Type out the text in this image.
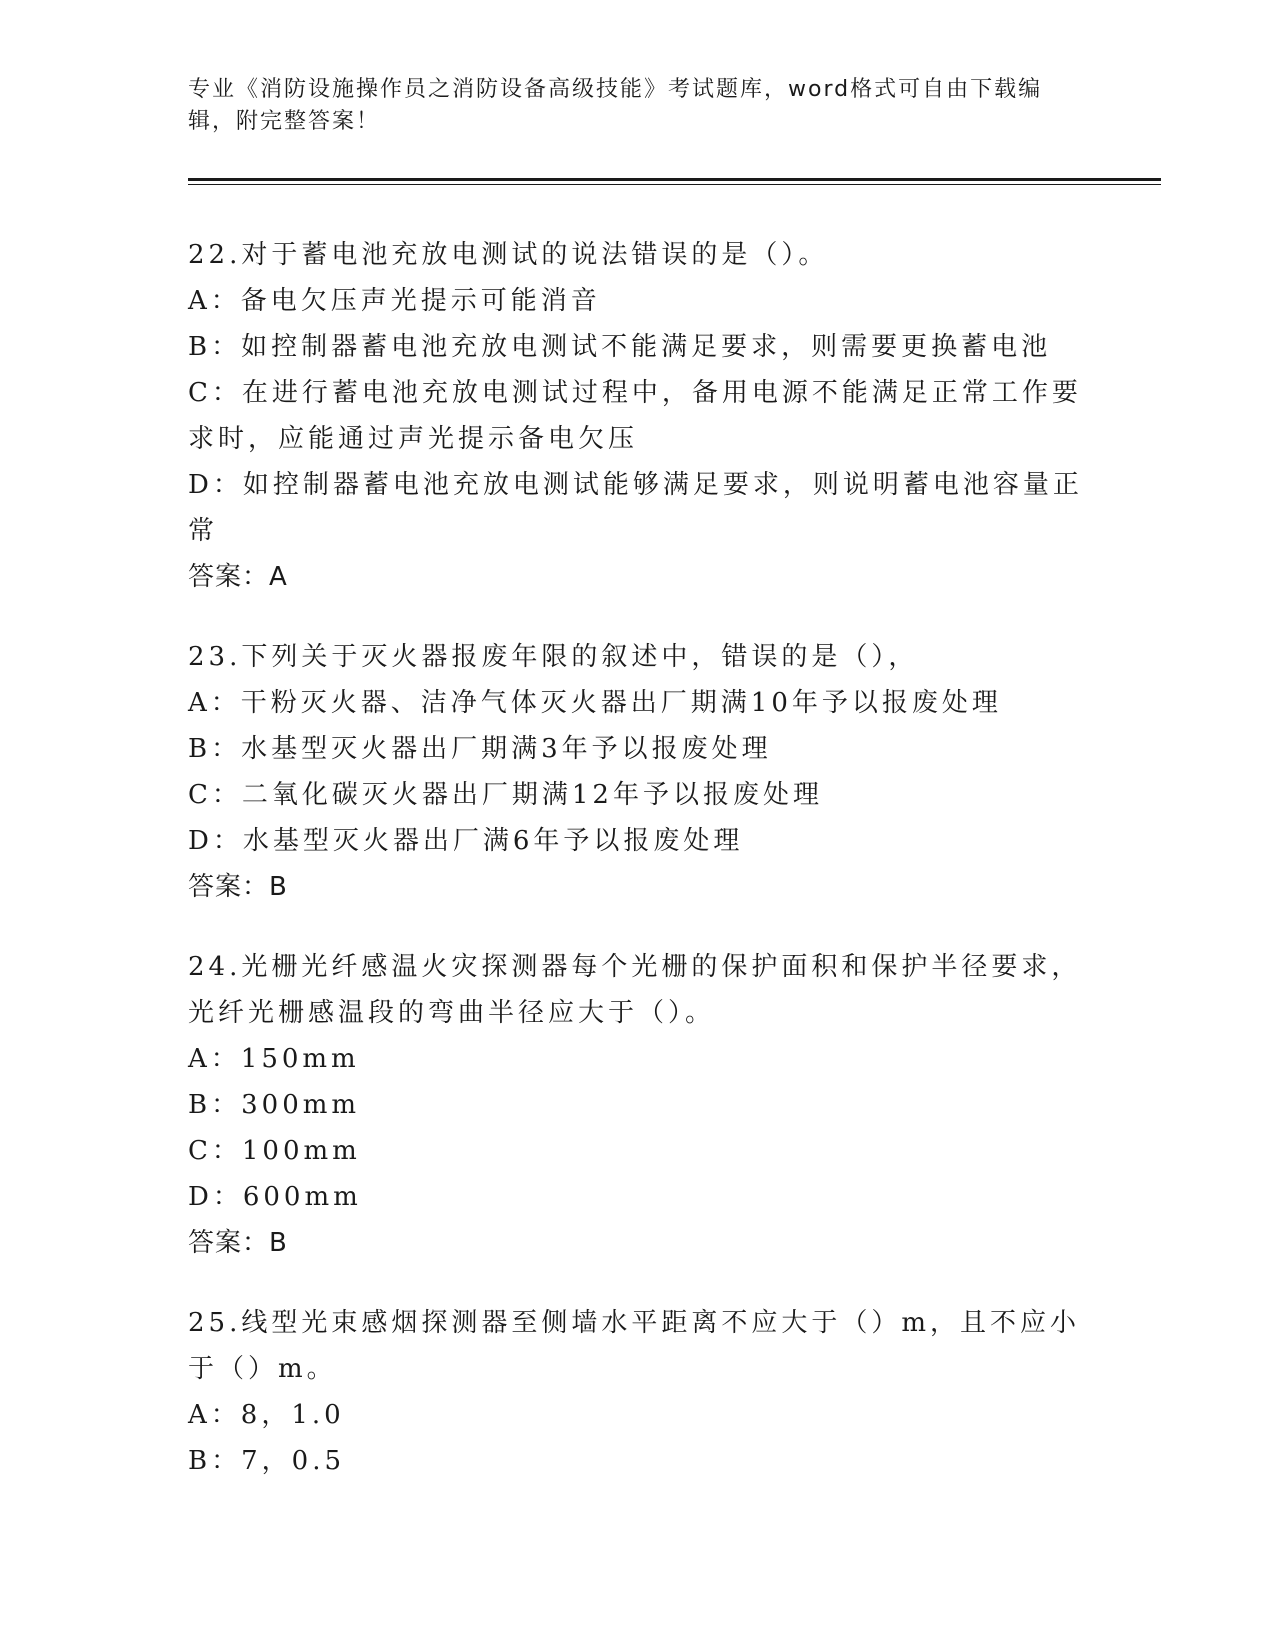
专业《消防设施操作员之消防设备高级技能》考试题库，word格式可自由下载编辑，附完整答案！
22.对于蓄电池充放电测试的说法错误的是（）。
A：备电欠压声光提示可能消音
B：如控制器蓄电池充放电测试不能满足要求，则需要更换蓄电池
C：在进行蓄电池充放电测试过程中，备用电源不能满足正常工作要求时，应能通过声光提示备电欠压
D：如控制器蓄电池充放电测试能够满足要求，则说明蓄电池容量正常
答案：A
23.下列关于灭火器报废年限的叙述中，错误的是（），
A：干粉灭火器、洁净气体灭火器出厂期满10年予以报废处理
B：水基型灭火器出厂期满3年予以报废处理
C：二氧化碳灭火器出厂期满12年予以报废处理
D：水基型灭火器出厂满6年予以报废处理
答案：B
24.光栅光纤感温火灾探测器每个光栅的保护面积和保护半径要求，光纤光栅感温段的弯曲半径应大于（）。
A：150mm
B：300mm
C：100mm
D：600mm
答案：B
25.线型光束感烟探测器至侧墙水平距离不应大于（）m，且不应小于（）m。
A：8，1.0
B：7，0.5
